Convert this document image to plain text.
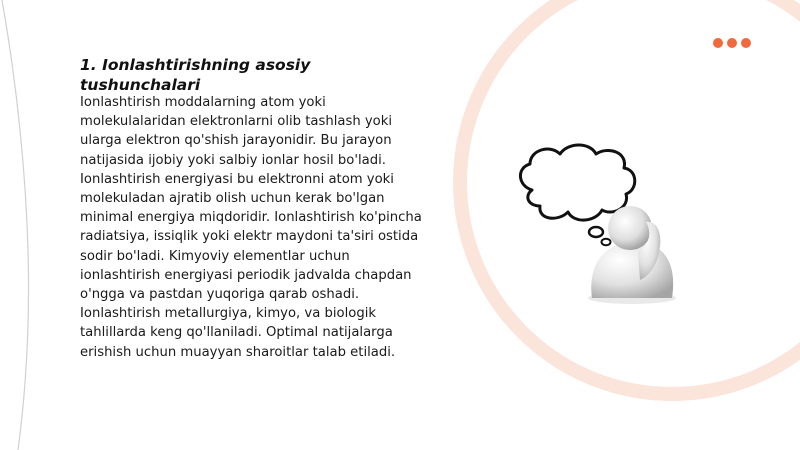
1. Ionlashtirishning asosiy tushunchalari

Ionlashtirish moddalarning atom yoki molekulalaridan elektronlarni olib tashlash yoki ularga elektron qo'shish jarayonidir. Bu jarayon natijasida ijobiy yoki salbiy ionlar hosil bo'ladi. Ionlashtirish energiyasi bu elektronni atom yoki molekuladan ajratib olish uchun kerak bo'lgan minimal energiya miqdoridir. Ionlashtirish ko'pincha radiatsiya, issiqlik yoki elektr maydoni ta'siri ostida sodir bo'ladi. Kimyoviy elementlar uchun ionlashtirish energiyasi periodik jadvalda chapdan o'ngga va pastdan yuqoriga qarab oshadi. Ionlashtirish metallurgiya, kimyo, va biologik tahlillarda keng qo'llaniladi. Optimal natijalarga erishish uchun muayyan sharoitlar talab etiladi.
